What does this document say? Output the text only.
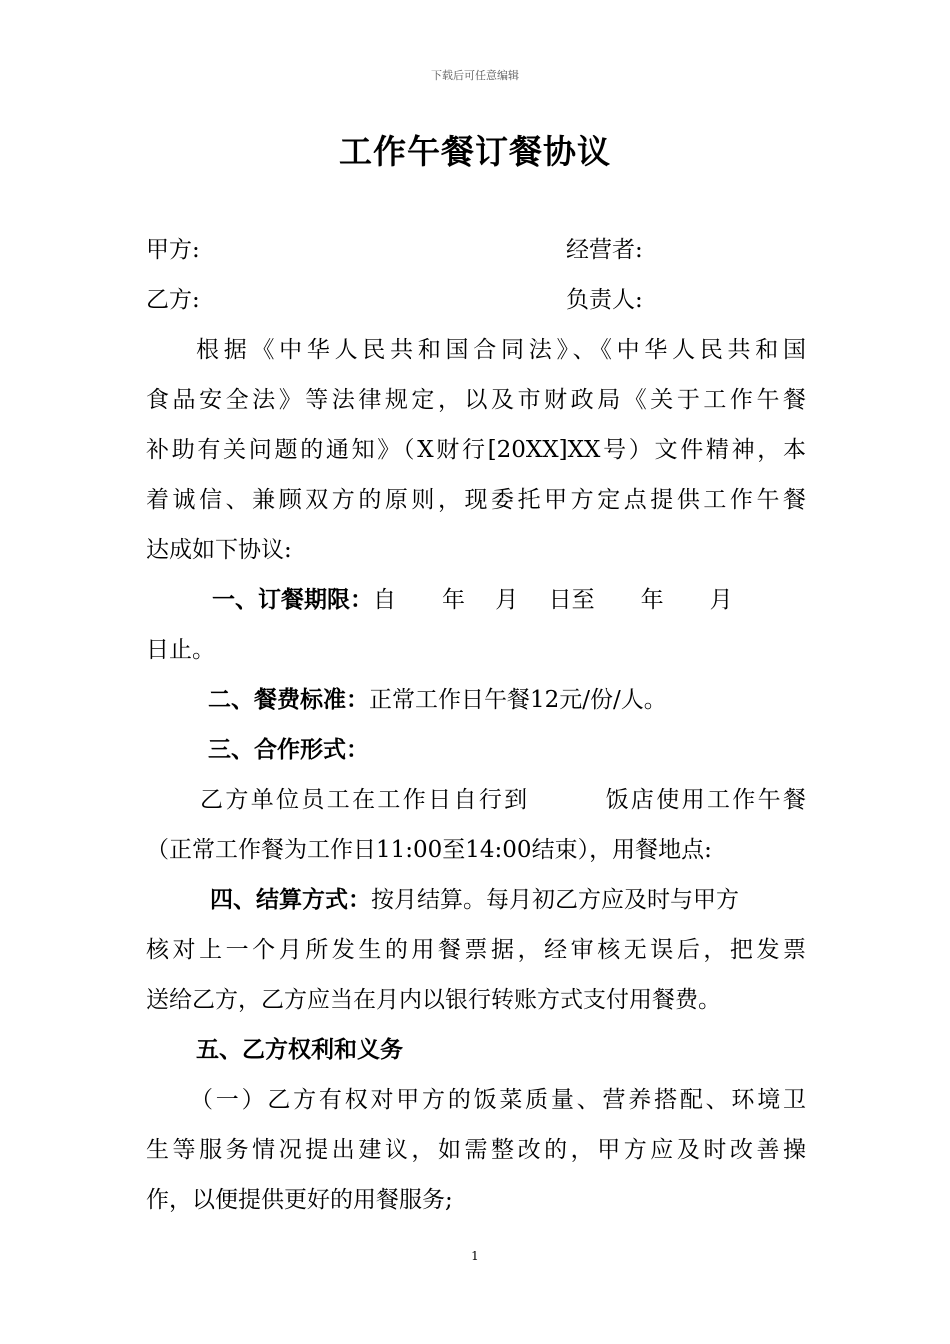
下载后可任意编辑
工作午餐订餐协议
甲方:	经营者:
乙方:	负责人:
根据《中华人民共和国合同法》、《中华人民共和国
食品安全法》等法律规定，以及市财政局《关于工作午餐
补助有关问题的通知》（X财行[20XX]XX号）文件精神，本
着诚信、兼顾双方的原则，现委托甲方定点提供工作午餐
达成如下协议:
一、订餐期限：自　　年　 月　 日至　　年　　月
日止。
二、餐费标准：正常工作日午餐12元/份/人。
三、合作形式：
乙方单位员工在工作日自行到　　　饭店使用工作午餐
（正常工作餐为工作日11:00至14:00结束），用餐地点:
四、结算方式：按月结算。每月初乙方应及时与甲方
核对上一个月所发生的用餐票据，经审核无误后，把发票
送给乙方，乙方应当在月内以银行转账方式支付用餐费。
五、乙方权利和义务
（一）乙方有权对甲方的饭菜质量、营养搭配、环境卫
生等服务情况提出建议，如需整改的，甲方应及时改善操
作，以便提供更好的用餐服务;
1
